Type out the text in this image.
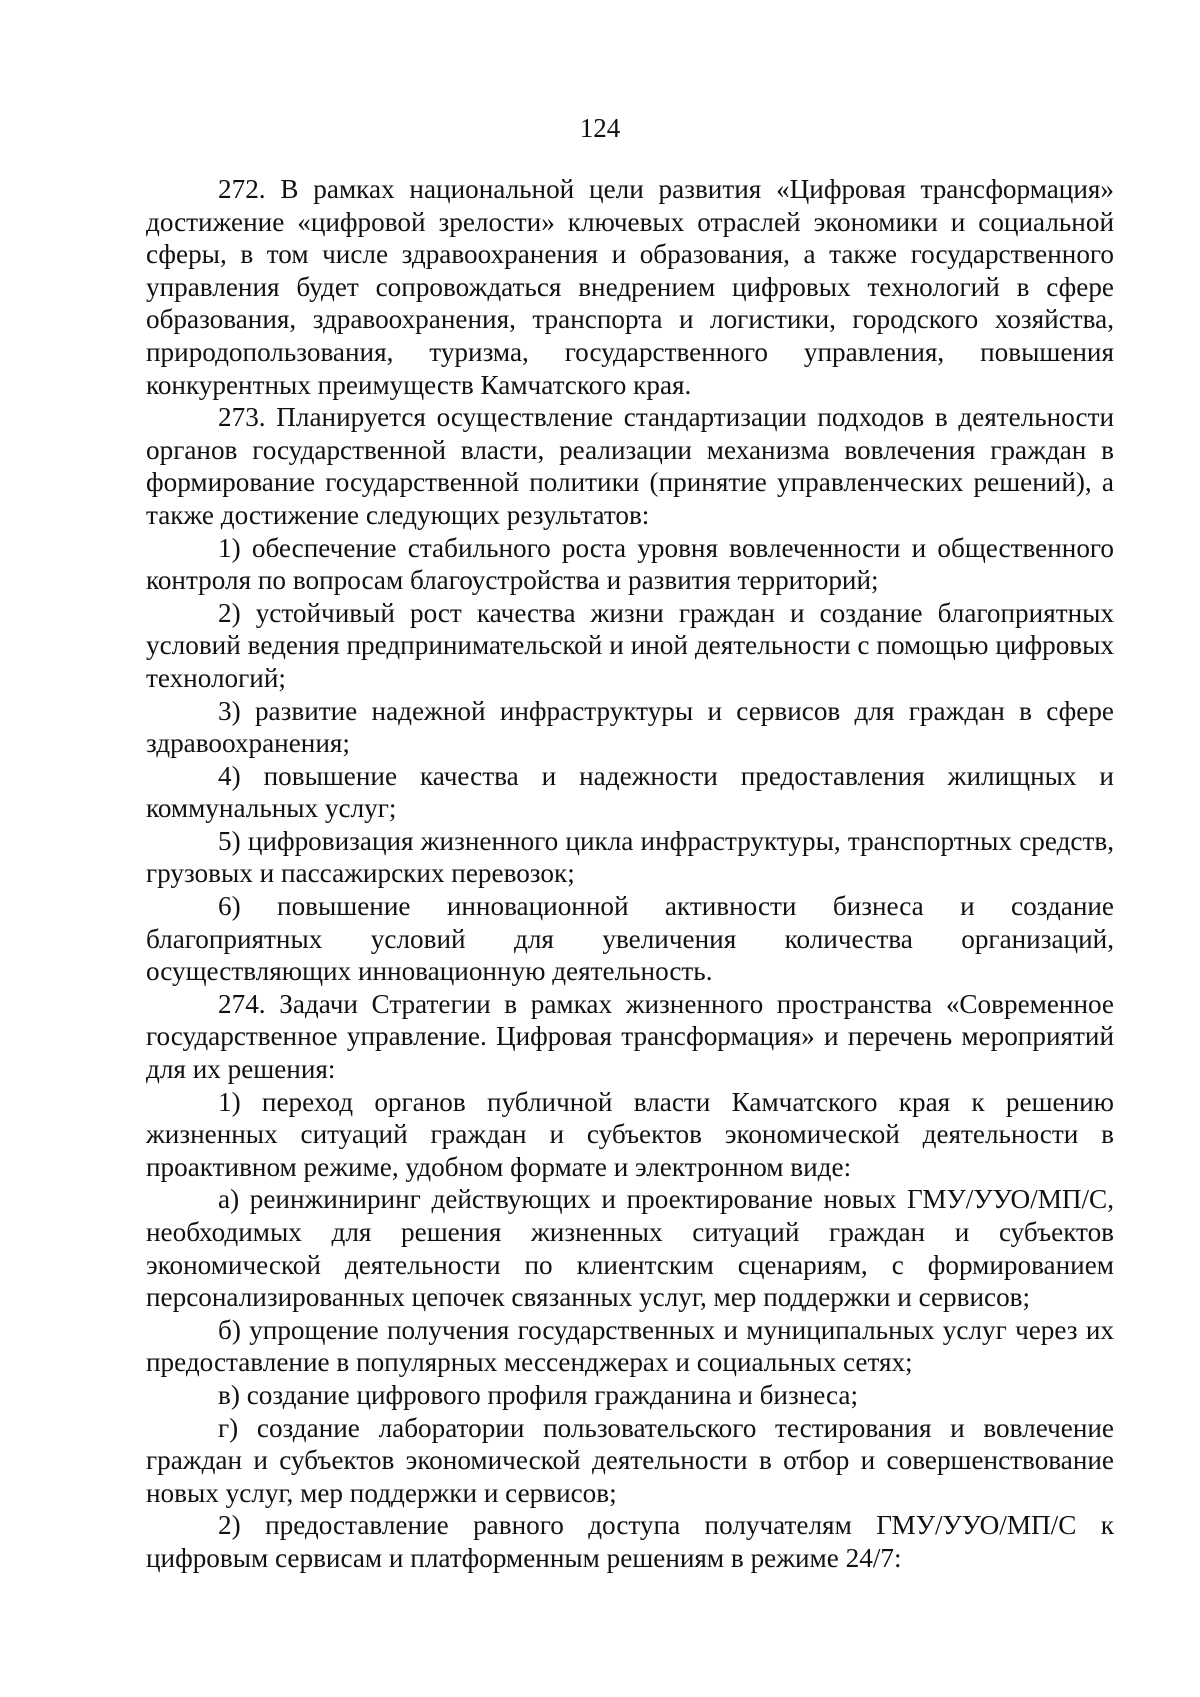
124

272. В рамках национальной цели развития «Цифровая трансформация» достижение «цифровой зрелости» ключевых отраслей экономики и социальной сферы, в том числе здравоохранения и образования, а также государственного управления будет сопровождаться внедрением цифровых технологий в сфере образования, здравоохранения, транспорта и логистики, городского хозяйства, природопользования, туризма, государственного управления, повышения конкурентных преимуществ Камчатского края.

273. Планируется осуществление стандартизации подходов в деятельности органов государственной власти, реализации механизма вовлечения граждан в формирование государственной политики (принятие управленческих решений), а также достижение следующих результатов:

1) обеспечение стабильного роста уровня вовлеченности и общественного контроля по вопросам благоустройства и развития территорий;

2) устойчивый рост качества жизни граждан и создание благоприятных условий ведения предпринимательской и иной деятельности с помощью цифровых технологий;

3) развитие надежной инфраструктуры и сервисов для граждан в сфере здравоохранения;

4) повышение качества и надежности предоставления жилищных и коммунальных услуг;

5) цифровизация жизненного цикла инфраструктуры, транспортных средств, грузовых и пассажирских перевозок;

6) повышение инновационной активности бизнеса и создание благоприятных условий для увеличения количества организаций, осуществляющих инновационную деятельность.

274. Задачи Стратегии в рамках жизненного пространства «Современное государственное управление. Цифровая трансформация» и перечень мероприятий для их решения:

1) переход органов публичной власти Камчатского края к решению жизненных ситуаций граждан и субъектов экономической деятельности в проактивном режиме, удобном формате и электронном виде:

а) реинжиниринг действующих и проектирование новых ГМУ/УУО/МП/С, необходимых для решения жизненных ситуаций граждан и субъектов экономической деятельности по клиентским сценариям, с формированием персонализированных цепочек связанных услуг, мер поддержки и сервисов;

б) упрощение получения государственных и муниципальных услуг через их предоставление в популярных мессенджерах и социальных сетях;

в) создание цифрового профиля гражданина и бизнеса;

г) создание лаборатории пользовательского тестирования и вовлечение граждан и субъектов экономической деятельности в отбор и совершенствование новых услуг, мер поддержки и сервисов;

2) предоставление равного доступа получателям ГМУ/УУО/МП/С к цифровым сервисам и платформенным решениям в режиме 24/7:
